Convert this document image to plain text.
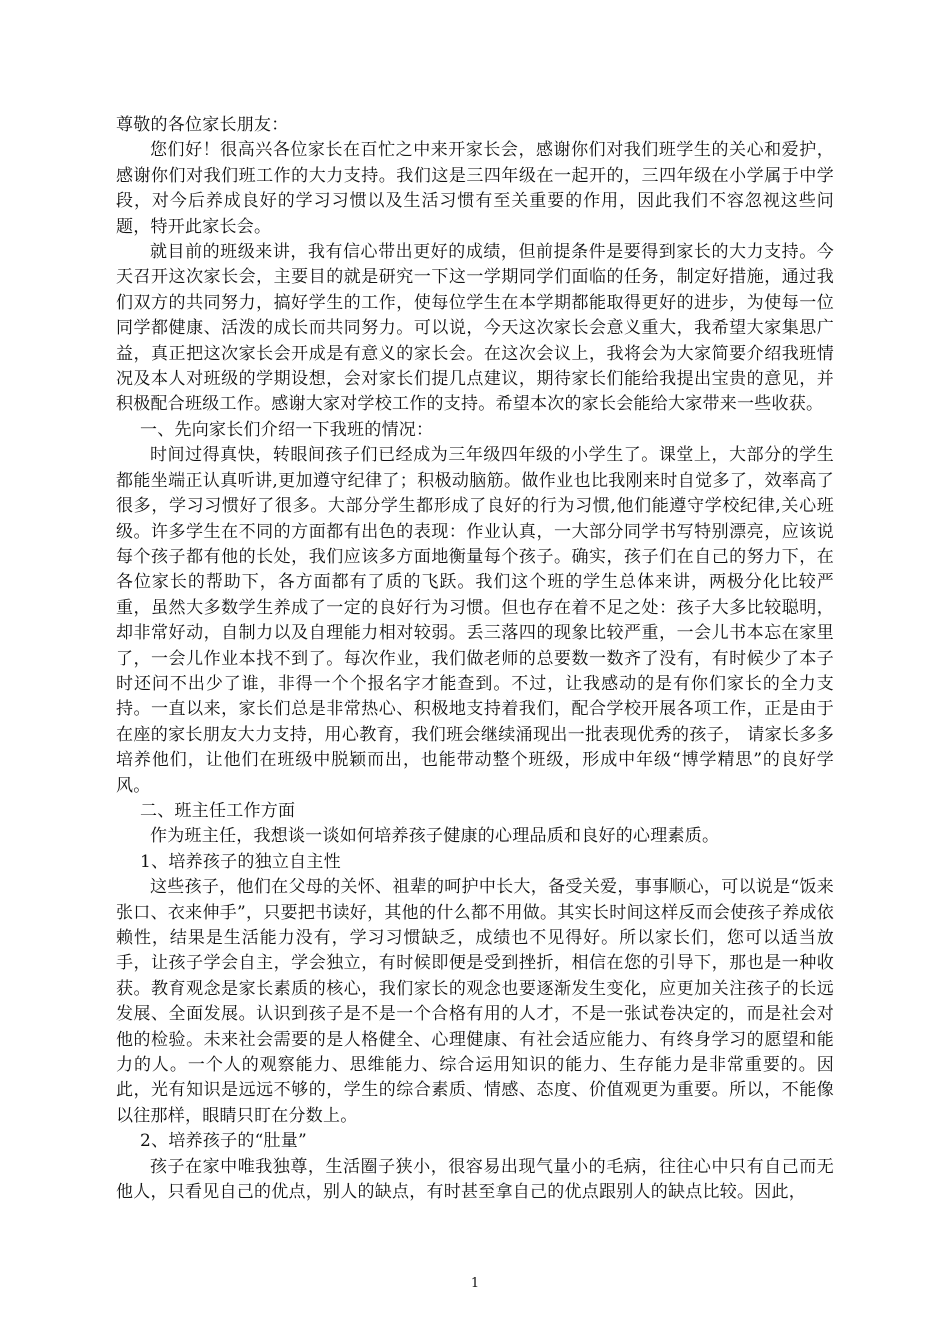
尊敬的各位家长朋友：

您们好！很高兴各位家长在百忙之中来开家长会，感谢你们对我们班学生的关心和爱护，感谢你们对我们班工作的大力支持。我们这是三四年级在一起开的，三四年级在小学属于中学段，对今后养成良好的学习习惯以及生活习惯有至关重要的作用，因此我们不容忽视这些问题，特开此家长会。

就目前的班级来讲，我有信心带出更好的成绩，但前提条件是要得到家长的大力支持。今天召开这次家长会，主要目的就是研究一下这一学期同学们面临的任务，制定好措施，通过我们双方的共同努力，搞好学生的工作，使每位学生在本学期都能取得更好的进步，为使每一位同学都健康、活泼的成长而共同努力。可以说，今天这次家长会意义重大，我希望大家集思广益，真正把这次家长会开成是有意义的家长会。在这次会议上，我将会为大家简要介绍我班情况及本人对班级的学期设想，会对家长们提几点建议，期待家长们能给我提出宝贵的意见，并积极配合班级工作。感谢大家对学校工作的支持。希望本次的家长会能给大家带来一些收获。

一、先向家长们介绍一下我班的情况：

时间过得真快，转眼间孩子们已经成为三年级四年级的小学生了。课堂上，大部分的学生都能坐端正认真听讲,更加遵守纪律了；积极动脑筋。做作业也比我刚来时自觉多了，效率高了很多，学习习惯好了很多。大部分学生都形成了良好的行为习惯,他们能遵守学校纪律,关心班级。许多学生在不同的方面都有出色的表现：作业认真，一大部分同学书写特别漂亮，应该说每个孩子都有他的长处，我们应该多方面地衡量每个孩子。确实，孩子们在自己的努力下，在各位家长的帮助下，各方面都有了质的飞跃。我们这个班的学生总体来讲，两极分化比较严重，虽然大多数学生养成了一定的良好行为习惯。但也存在着不足之处：孩子大多比较聪明，却非常好动，自制力以及自理能力相对较弱。丢三落四的现象比较严重，一会儿书本忘在家里了，一会儿作业本找不到了。每次作业，我们做老师的总要数一数齐了没有，有时候少了本子时还问不出少了谁，非得一个个报名字才能查到。不过，让我感动的是有你们家长的全力支持。一直以来，家长们总是非常热心、积极地支持着我们，配合学校开展各项工作，正是由于在座的家长朋友大力支持，用心教育，我们班会继续涌现出一批表现优秀的孩子， 请家长多多培养他们，让他们在班级中脱颖而出，也能带动整个班级，形成中年级“博学精思”的良好学风。

二、班主任工作方面

作为班主任，我想谈一谈如何培养孩子健康的心理品质和良好的心理素质。

1、培养孩子的独立自主性

这些孩子，他们在父母的关怀、祖辈的呵护中长大，备受关爱，事事顺心，可以说是“饭来张口、衣来伸手”，只要把书读好，其他的什么都不用做。其实长时间这样反而会使孩子养成依赖性，结果是生活能力没有，学习习惯缺乏，成绩也不见得好。所以家长们，您可以适当放手，让孩子学会自主，学会独立，有时候即便是受到挫折，相信在您的引导下，那也是一种收获。教育观念是家长素质的核心，我们家长的观念也要逐渐发生变化，应更加关注孩子的长远发展、全面发展。认识到孩子是不是一个合格有用的人才，不是一张试卷决定的，而是社会对他的检验。未来社会需要的是人格健全、心理健康、有社会适应能力、有终身学习的愿望和能力的人。一个人的观察能力、思维能力、综合运用知识的能力、生存能力是非常重要的。因此，光有知识是远远不够的，学生的综合素质、情感、态度、价值观更为重要。所以，不能像以往那样，眼睛只盯在分数上。

2、培养孩子的“肚量”

孩子在家中唯我独尊，生活圈子狭小，很容易出现气量小的毛病，往往心中只有自己而无他人，只看见自己的优点，别人的缺点，有时甚至拿自己的优点跟别人的缺点比较。因此，

1
